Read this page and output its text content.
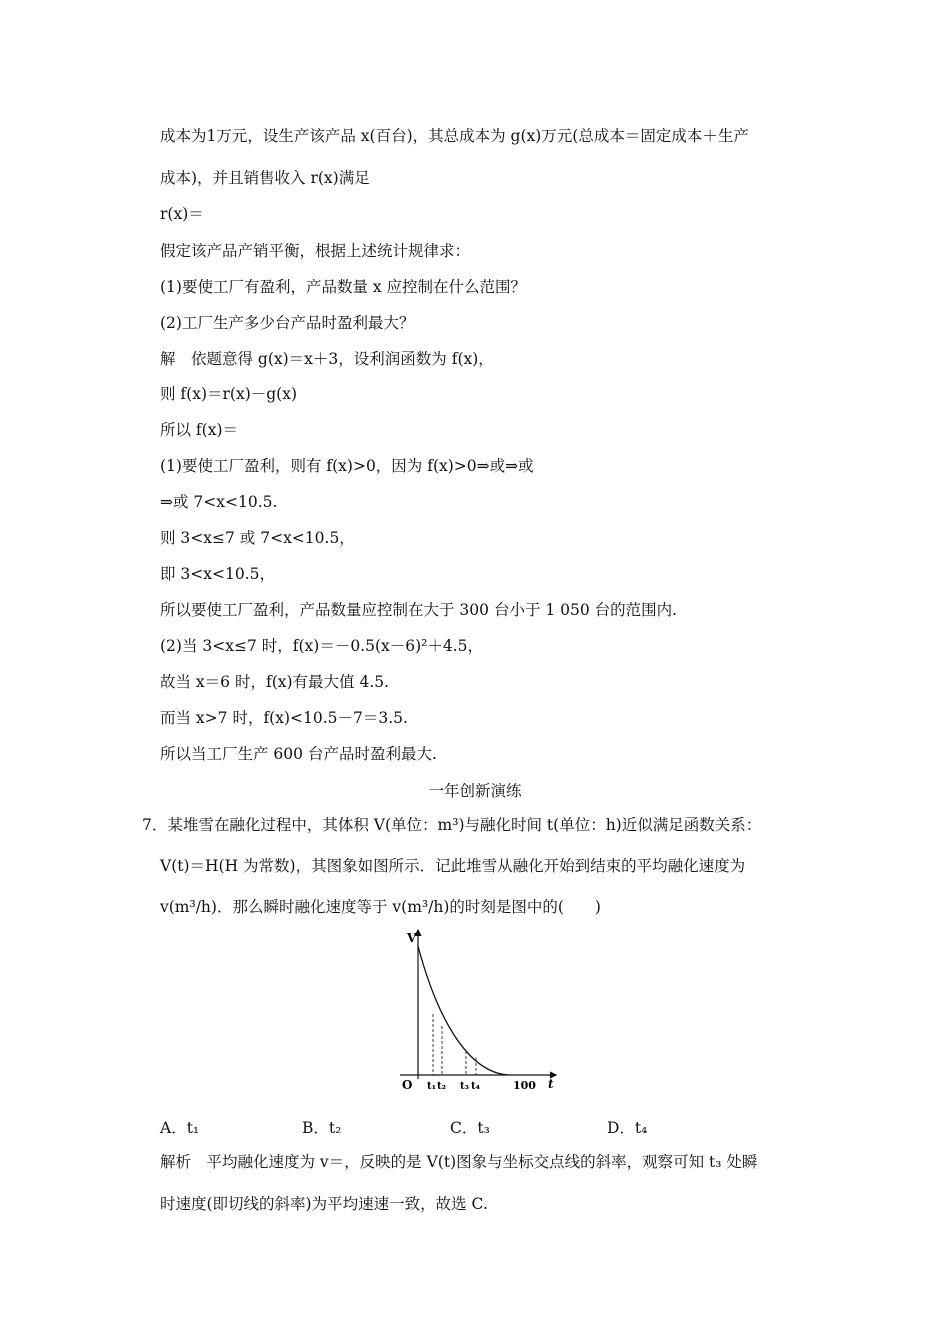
成本为1万元，设生产该产品 x(百台)，其总成本为 g(x)万元(总成本＝固定成本＋生产
成本)，并且销售收入 r(x)满足
r(x)＝
假定该产品产销平衡，根据上述统计规律求：
(1)要使工厂有盈利，产品数量 x 应控制在什么范围？
(2)工厂生产多少台产品时盈利最大？
解　依题意得 g(x)＝x＋3，设利润函数为 f(x)，
则 f(x)＝r(x)－g(x)
所以 f(x)＝
(1)要使工厂盈利，则有 f(x)>0，因为 f(x)>0⇒或⇒或
⇒或 7<x<10.5.
则 3<x≤7 或 7<x<10.5，
即 3<x<10.5，
所以要使工厂盈利，产品数量应控制在大于 300 台小于 1 050 台的范围内.
(2)当 3<x≤7 时，f(x)＝－0.5(x－6)²＋4.5，
故当 x＝6 时，f(x)有最大值 4.5.
而当 x>7 时，f(x)<10.5－7＝3.5.
所以当工厂生产 600 台产品时盈利最大.
一年创新演练
7．某堆雪在融化过程中，其体积 V(单位：m³)与融化时间 t(单位：h)近似满足函数关系：
V(t)＝H(H 为常数)，其图象如图所示．记此堆雪从融化开始到结束的平均融化速度为
v(m³/h)．那么瞬时融化速度等于 v(m³/h)的时刻是图中的(　　)
V
t
O	100
t₁ t₂ t₃ t₄
A．t₁	B．t₂	C．t₃	D．t₄
解析　平均融化速度为 v＝，反映的是 V(t)图象与坐标交点线的斜率，观察可知 t₃ 处瞬
时速度(即切线的斜率)为平均速速一致，故选 C.
